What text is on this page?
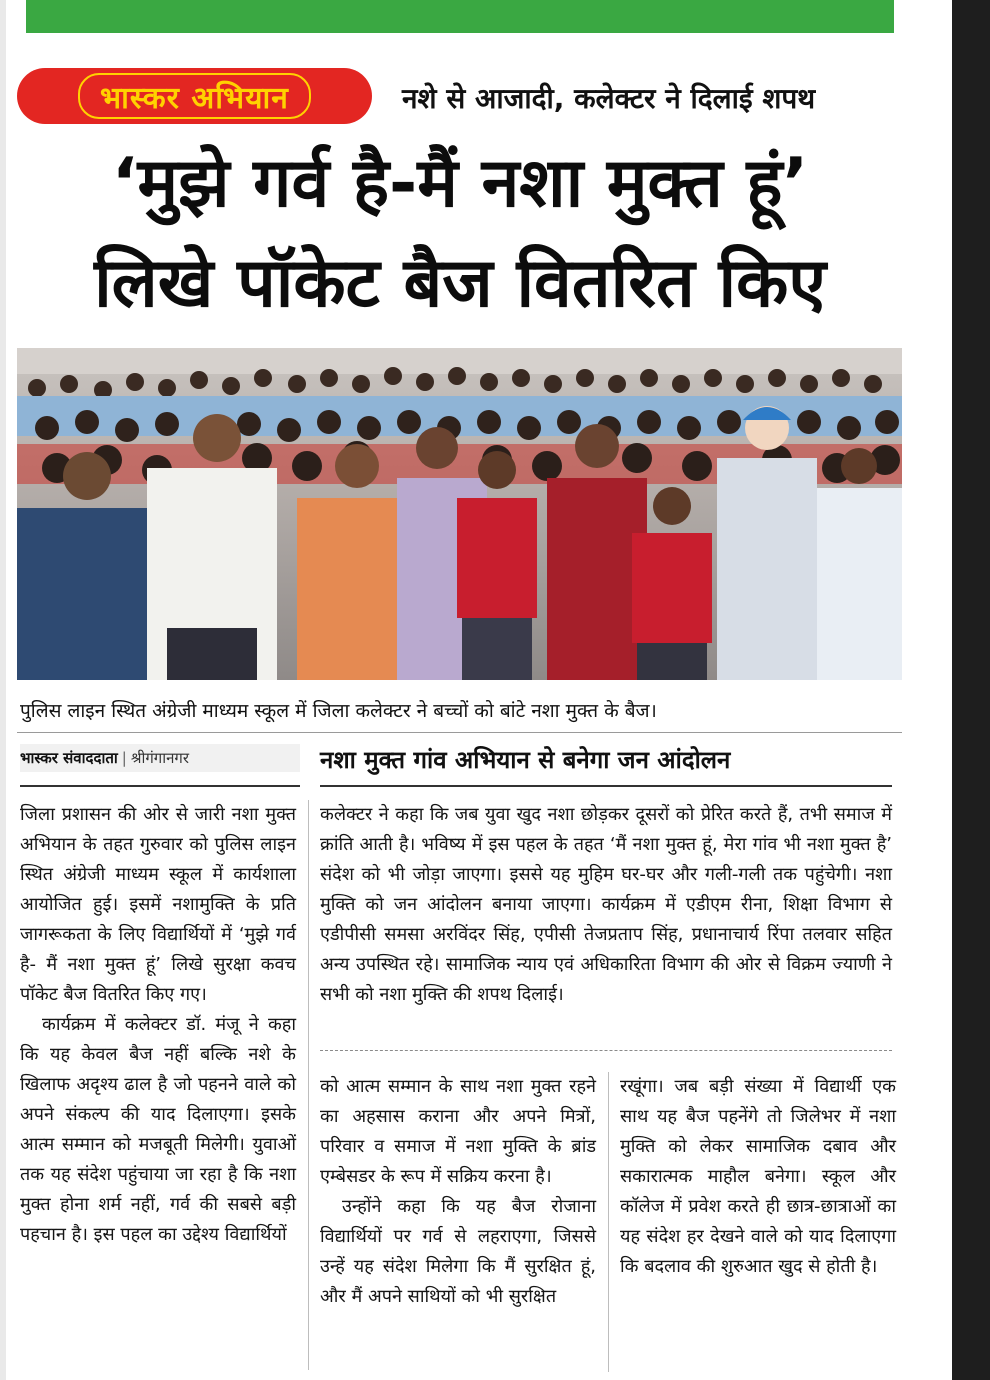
भास्कर अभियान	नशे से आजादी, कलेक्टर ने दिलाई शपथ
‘मुझे गर्व है-मैं नशा मुक्त हूं’
लिखे पॉकेट बैज वितरित किए
पुलिस लाइन स्थित अंग्रेजी माध्यम स्कूल में जिला कलेक्टर ने बच्चों को बांटे नशा मुक्त के बैज।
भास्कर संवाददाता | श्रीगंगानगर	नशा मुक्त गांव अभियान से बनेगा जन आंदोलन

जिला प्रशासन की ओर से जारी नशा मुक्त अभियान के तहत गुरुवार को पुलिस लाइन स्थित अंग्रेजी माध्यम स्कूल में कार्यशाला आयोजित हुई। इसमें नशामुक्ति के प्रति जागरूकता के लिए विद्यार्थियों में ‘मुझे गर्व है- मैं नशा मुक्त हूं’ लिखे सुरक्षा कवच पॉकेट बैज वितरित किए गए।

कार्यक्रम में कलेक्टर डॉ. मंजू ने कहा कि यह केवल बैज नहीं बल्कि नशे के खिलाफ अदृश्य ढाल है जो पहनने वाले को अपने संकल्प की याद दिलाएगा। इसके आत्म सम्मान को मजबूती मिलेगी। युवाओं तक यह संदेश पहुंचाया जा रहा है कि नशा मुक्त होना शर्म नहीं, गर्व की सबसे बड़ी पहचान है। इस पहल का उद्देश्य विद्यार्थियों

कलेक्टर ने कहा कि जब युवा खुद नशा छोड़कर दूसरों को प्रेरित करते हैं, तभी समाज में क्रांति आती है। भविष्य में इस पहल के तहत ‘मैं नशा मुक्त हूं, मेरा गांव भी नशा मुक्त है’ संदेश को भी जोड़ा जाएगा। इससे यह मुहिम घर-घर और गली-गली तक पहुंचेगी। नशा मुक्ति को जन आंदोलन बनाया जाएगा। कार्यक्रम में एडीएम रीना, शिक्षा विभाग से एडीपीसी समसा अरविंदर सिंह, एपीसी तेजप्रताप सिंह, प्रधानाचार्य रिंपा तलवार सहित अन्य उपस्थित रहे। सामाजिक न्याय एवं अधिकारिता विभाग की ओर से विक्रम ज्याणी ने सभी को नशा मुक्ति की शपथ दिलाई।

को आत्म सम्मान के साथ नशा मुक्त रहने का अहसास कराना और अपने मित्रों, परिवार व समाज में नशा मुक्ति के ब्रांड एम्बेसडर के रूप में सक्रिय करना है।

उन्होंने कहा कि यह बैज रोजाना विद्यार्थियों पर गर्व से लहराएगा, जिससे उन्हें यह संदेश मिलेगा कि मैं सुरक्षित हूं, और मैं अपने साथियों को भी सुरक्षित

रखूंगा। जब बड़ी संख्या में विद्यार्थी एक साथ यह बैज पहनेंगे तो जिलेभर में नशा मुक्ति को लेकर सामाजिक दबाव और सकारात्मक माहौल बनेगा। स्कूल और कॉलेज में प्रवेश करते ही छात्र-छात्राओं का यह संदेश हर देखने वाले को याद दिलाएगा कि बदलाव की शुरुआत खुद से होती है।
